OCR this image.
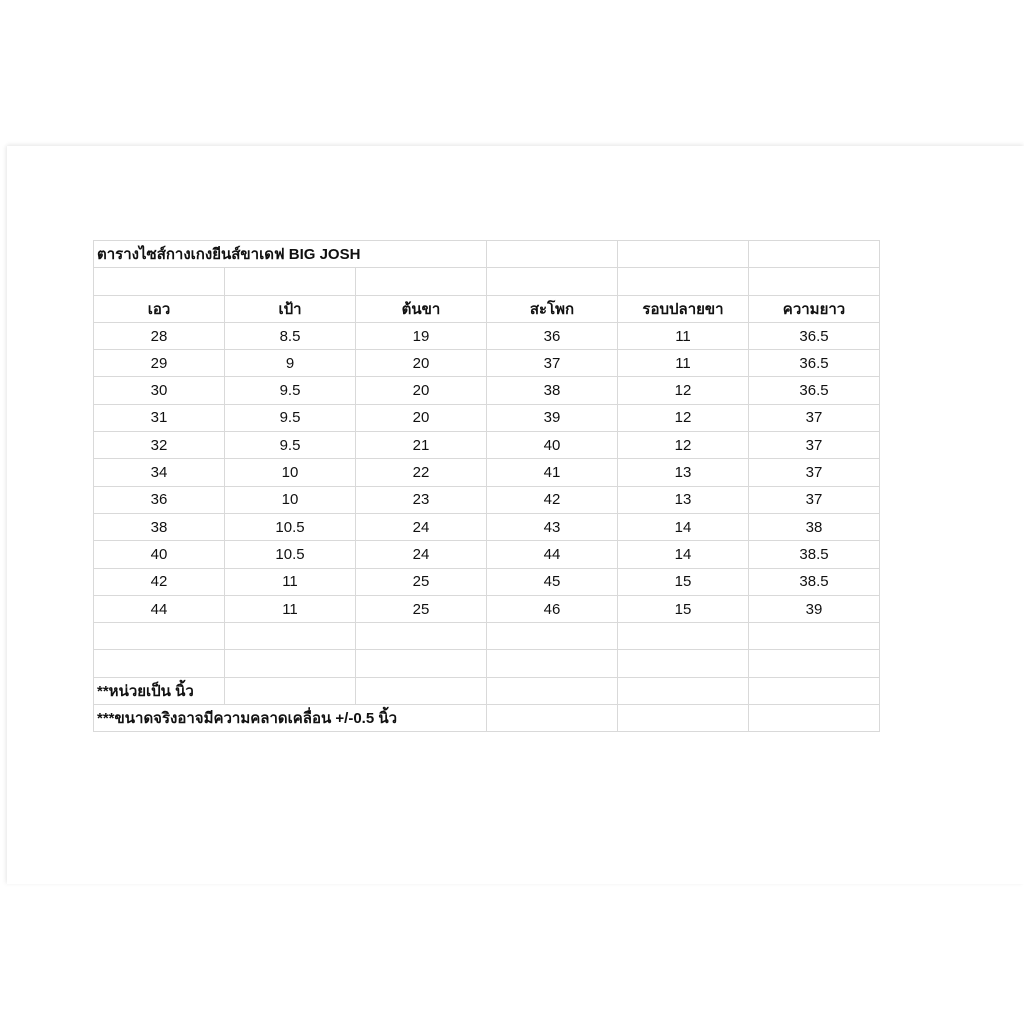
ตารางไซส์กางเกงยีนส์ขาเดฟ BIG JOSH					

เอว	เป้า	ต้นขา	สะโพก	รอบปลายขา	ความยาว
28	8.5	19	36	11	36.5
29	9	20	37	11	36.5
30	9.5	20	38	12	36.5
31	9.5	20	39	12	37
32	9.5	21	40	12	37
34	10	22	41	13	37
36	10	23	42	13	37
38	10.5	24	43	14	38
40	10.5	24	44	14	38.5
42	11	25	45	15	38.5
44	11	25	46	15	39

**หน่วยเป็น นิ้ว					
***ขนาดจริงอาจมีความคลาดเคลื่อน +/-0.5 นิ้ว					
